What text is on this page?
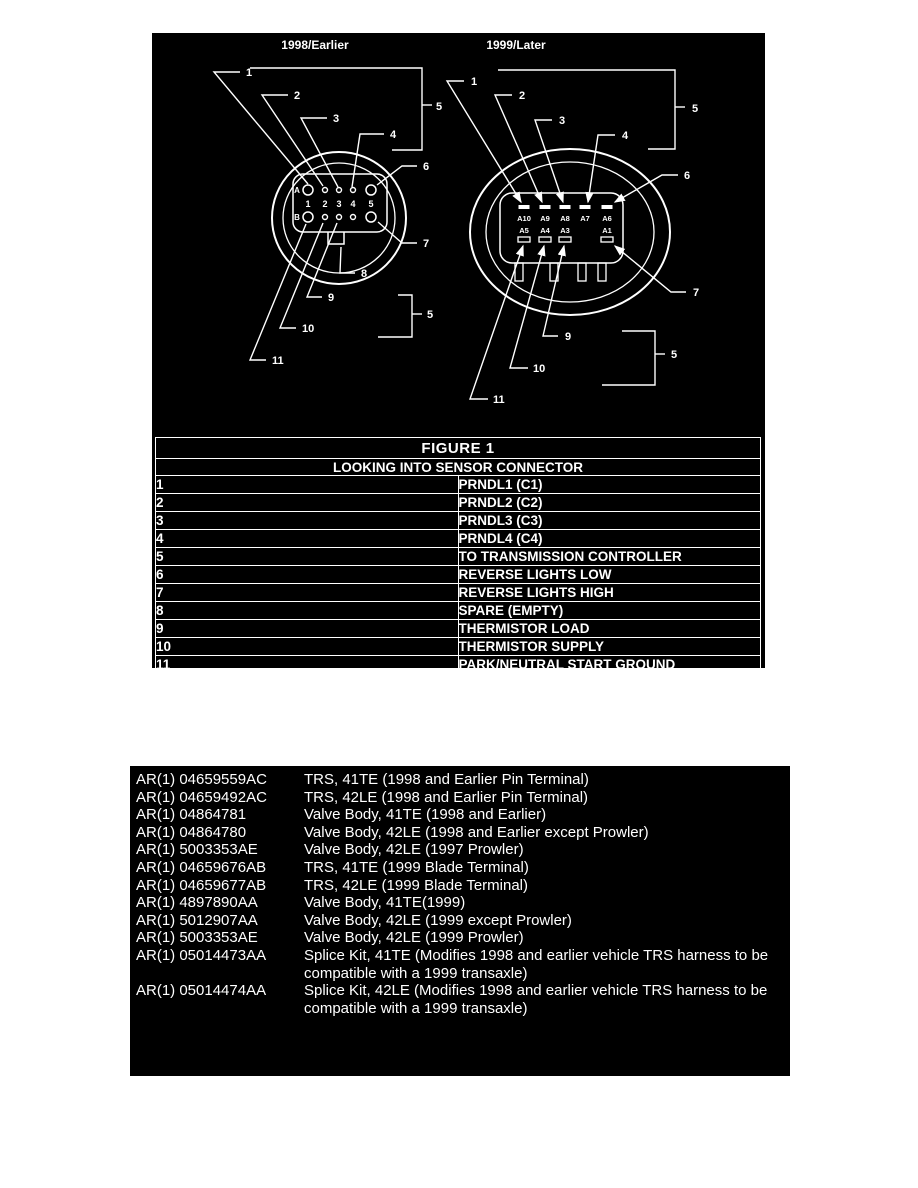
1998/Earlier
A
B
1 2 3 4 5
1
2
3
4
5
6
7
8
9
10
11
5
1999/Later
A10 A9 A8 A7 A6
A5 A4 A3	A1
1
2
3
4
5
6
7
9
10
11
5
FIGURE 1	
LOOKING INTO SENSOR CONNECTOR	
1	PRNDL1 (C1)
2	PRNDL2 (C2)
3	PRNDL3 (C3)
4	PRNDL4 (C4)
5	TO TRANSMISSION CONTROLLER
6	REVERSE LIGHTS LOW
7	REVERSE LIGHTS HIGH
8	SPARE (EMPTY)
9	THERMISTOR LOAD
10	THERMISTOR SUPPLY
11	PARK/NEUTRAL START GROUND
AR(1) 04659559AC	TRS, 41TE (1998 and Earlier Pin Terminal)
AR(1) 04659492AC	TRS, 42LE (1998 and Earlier Pin Terminal)
AR(1) 04864781	Valve Body, 41TE (1998 and Earlier)
AR(1) 04864780	Valve Body, 42LE (1998 and Earlier except Prowler)
AR(1) 5003353AE	Valve Body, 42LE (1997 Prowler)
AR(1) 04659676AB	TRS, 41TE (1999 Blade Terminal)
AR(1) 04659677AB	TRS, 42LE (1999 Blade Terminal)
AR(1) 4897890AA	Valve Body, 41TE(1999)
AR(1) 5012907AA	Valve Body, 42LE (1999 except Prowler)
AR(1) 5003353AE	Valve Body, 42LE (1999 Prowler)
AR(1) 05014473AA	Splice Kit, 41TE (Modifies 1998 and earlier vehicle TRS harness to be compatible with a 1999 transaxle)
AR(1) 05014474AA	Splice Kit, 42LE (Modifies 1998 and earlier vehicle TRS harness to be compatible with a 1999 transaxle)
